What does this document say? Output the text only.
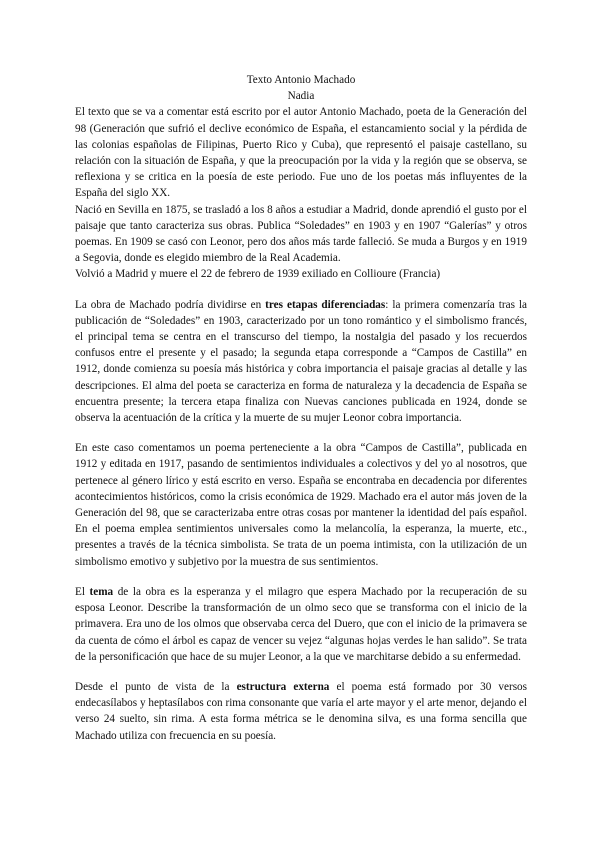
Texto Antonio Machado

Nadia

El texto que se va a comentar está escrito por el autor Antonio Machado, poeta de la Generación del 98 (Generación que sufrió el declive económico de España, el estancamiento social y la pérdida de las colonias españolas de Filipinas, Puerto Rico y Cuba), que representó el paisaje castellano, su relación con la situación de España, y que la preocupación por la vida y la región que se observa, se reflexiona y se critica en la poesía de este periodo. Fue uno de los poetas más influyentes de la España del siglo XX.

Nació en Sevilla en 1875, se trasladó a los 8 años a estudiar a Madrid, donde aprendió el gusto por el paisaje que tanto caracteriza sus obras. Publica “Soledades” en 1903 y en 1907 “Galerías” y otros poemas. En 1909 se casó con Leonor, pero dos años más tarde falleció. Se muda a Burgos y en 1919 a Segovia, donde es elegido miembro de la Real Academia.

Volvió a Madrid y muere el 22 de febrero de 1939 exiliado en Collioure (Francia)

La obra de Machado podría dividirse en tres etapas diferenciadas: la primera comenzaría tras la publicación de “Soledades” en 1903, caracterizado por un tono romántico y el simbolismo francés, el principal tema se centra en el transcurso del tiempo, la nostalgia del pasado y los recuerdos confusos entre el presente y el pasado; la segunda etapa corresponde a “Campos de Castilla” en 1912, donde comienza su poesía más histórica y cobra importancia el paisaje gracias al detalle y las descripciones. El alma del poeta se caracteriza en forma de naturaleza y la decadencia de España se encuentra presente; la tercera etapa finaliza con Nuevas canciones publicada en 1924, donde se observa la acentuación de la crítica y la muerte de su mujer Leonor cobra importancia.

En este caso comentamos un poema perteneciente a la obra “Campos de Castilla”, publicada en 1912 y editada en 1917, pasando de sentimientos individuales a colectivos y del yo al nosotros, que pertenece al género lírico y está escrito en verso. España se encontraba en decadencia por diferentes acontecimientos históricos, como la crisis económica de 1929. Machado era el autor más joven de la Generación del 98, que se caracterizaba entre otras cosas por mantener la identidad del país español. En el poema emplea sentimientos universales como la melancolía, la esperanza, la muerte, etc., presentes a través de la técnica simbolista. Se trata de un poema intimista, con la utilización de un simbolismo emotivo y subjetivo por la muestra de sus sentimientos.

El tema de la obra es la esperanza y el milagro que espera Machado por la recuperación de su esposa Leonor. Describe la transformación de un olmo seco que se transforma con el inicio de la primavera. Era uno de los olmos que observaba cerca del Duero, que con el inicio de la primavera se da cuenta de cómo el árbol es capaz de vencer su vejez “algunas hojas verdes le han salido”. Se trata de la personificación que hace de su mujer Leonor, a la que ve marchitarse debido a su enfermedad.

Desde el punto de vista de la estructura externa el poema está formado por 30 versos endecasílabos y heptasílabos con rima consonante que varía el arte mayor y el arte menor, dejando el verso 24 suelto, sin rima. A esta forma métrica se le denomina silva, es una forma sencilla que Machado utiliza con frecuencia en su poesía.
